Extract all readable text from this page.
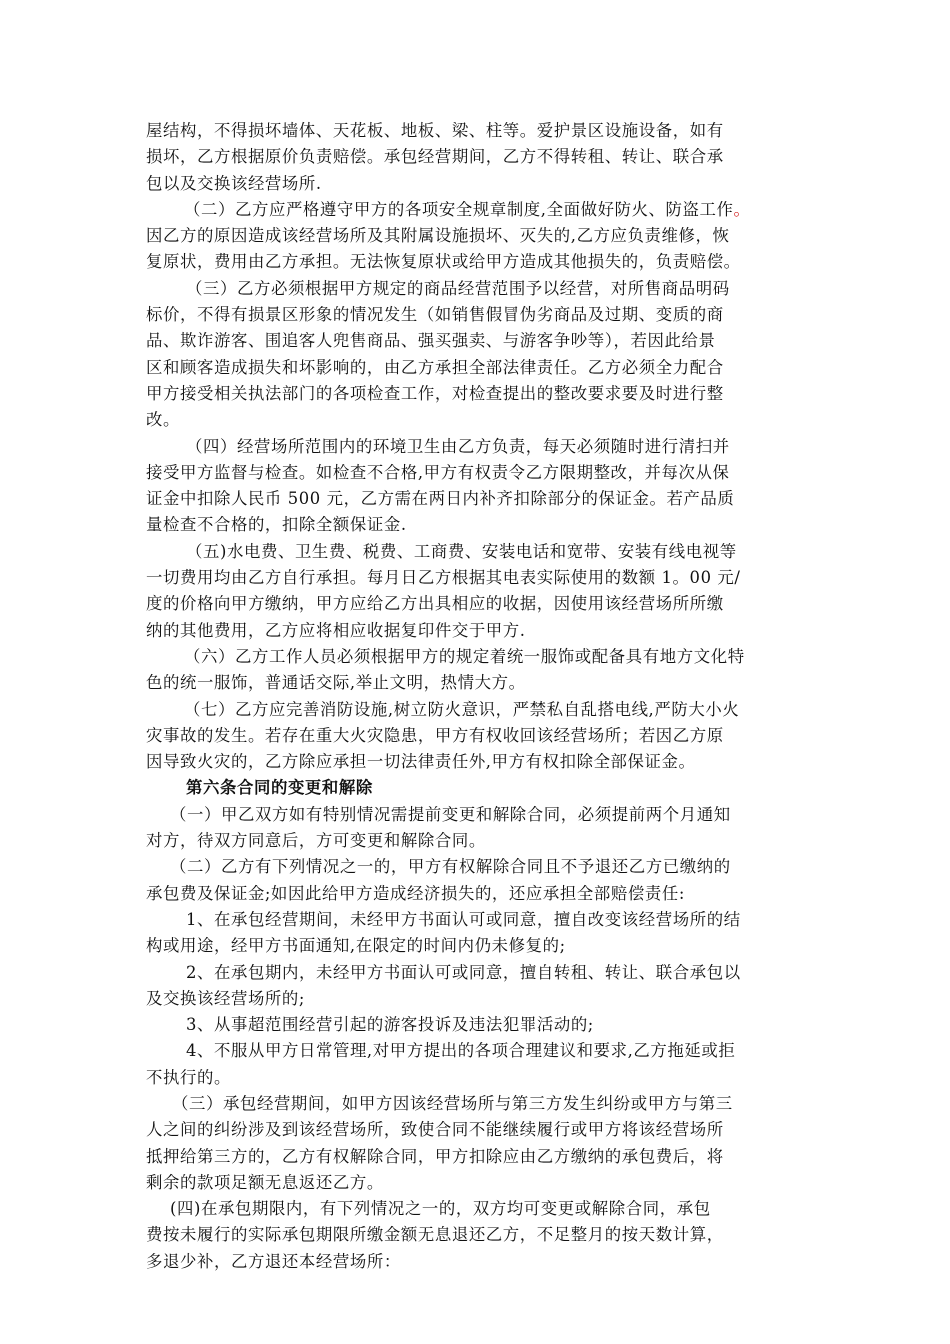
屋结构，不得损坏墙体、天花板、地板、梁、柱等。爱护景区设施设备，如有
损坏，乙方根据原价负责赔偿。承包经营期间，乙方不得转租、转让、联合承
包以及交换该经营场所.
（二）乙方应严格遵守甲方的各项安全规章制度,全面做好防火、防盗工作。
因乙方的原因造成该经营场所及其附属设施损坏、灭失的,乙方应负责维修，恢
复原状，费用由乙方承担。无法恢复原状或给甲方造成其他损失的，负责赔偿。
（三）乙方必须根据甲方规定的商品经营范围予以经营，对所售商品明码
标价，不得有损景区形象的情况发生（如销售假冒伪劣商品及过期、变质的商
品、欺诈游客、围追客人兜售商品、强买强卖、与游客争吵等），若因此给景
区和顾客造成损失和坏影响的，由乙方承担全部法律责任。乙方必须全力配合
甲方接受相关执法部门的各项检查工作，对检查提出的整改要求要及时进行整
改。
（四）经营场所范围内的环境卫生由乙方负责，每天必须随时进行清扫并
接受甲方监督与检查。如检查不合格,甲方有权责令乙方限期整改，并每次从保
证金中扣除人民币 500 元，乙方需在两日内补齐扣除部分的保证金。若产品质
量检查不合格的，扣除全额保证金.
（五)水电费、卫生费、税费、工商费、安装电话和宽带、安装有线电视等
一切费用均由乙方自行承担。每月日乙方根据其电表实际使用的数额 1。00 元/
度的价格向甲方缴纳，甲方应给乙方出具相应的收据，因使用该经营场所所缴
纳的其他费用，乙方应将相应收据复印件交于甲方.
（六）乙方工作人员必须根据甲方的规定着统一服饰或配备具有地方文化特
色的统一服饰，普通话交际,举止文明，热情大方。
（七）乙方应完善消防设施,树立防火意识，严禁私自乱搭电线,严防大小火
灾事故的发生。若存在重大火灾隐患，甲方有权收回该经营场所；若因乙方原
因导致火灾的，乙方除应承担一切法律责任外,甲方有权扣除全部保证金。
第六条合同的变更和解除
（一）甲乙双方如有特别情况需提前变更和解除合同，必须提前两个月通知
对方，待双方同意后，方可变更和解除合同。
（二）乙方有下列情况之一的，甲方有权解除合同且不予退还乙方已缴纳的
承包费及保证金;如因此给甲方造成经济损失的，还应承担全部赔偿责任:
1、在承包经营期间，未经甲方书面认可或同意，擅自改变该经营场所的结
构或用途，经甲方书面通知,在限定的时间内仍未修复的;
2、在承包期内，未经甲方书面认可或同意，擅自转租、转让、联合承包以
及交换该经营场所的;
3、从事超范围经营引起的游客投诉及违法犯罪活动的;
4、不服从甲方日常管理,对甲方提出的各项合理建议和要求,乙方拖延或拒
不执行的。
（三）承包经营期间，如甲方因该经营场所与第三方发生纠纷或甲方与第三
人之间的纠纷涉及到该经营场所，致使合同不能继续履行或甲方将该经营场所
抵押给第三方的，乙方有权解除合同，甲方扣除应由乙方缴纳的承包费后，将
剩余的款项足额无息返还乙方。
(四)在承包期限内，有下列情况之一的，双方均可变更或解除合同，承包
费按未履行的实际承包期限所缴金额无息退还乙方，不足整月的按天数计算，
多退少补，乙方退还本经营场所：
